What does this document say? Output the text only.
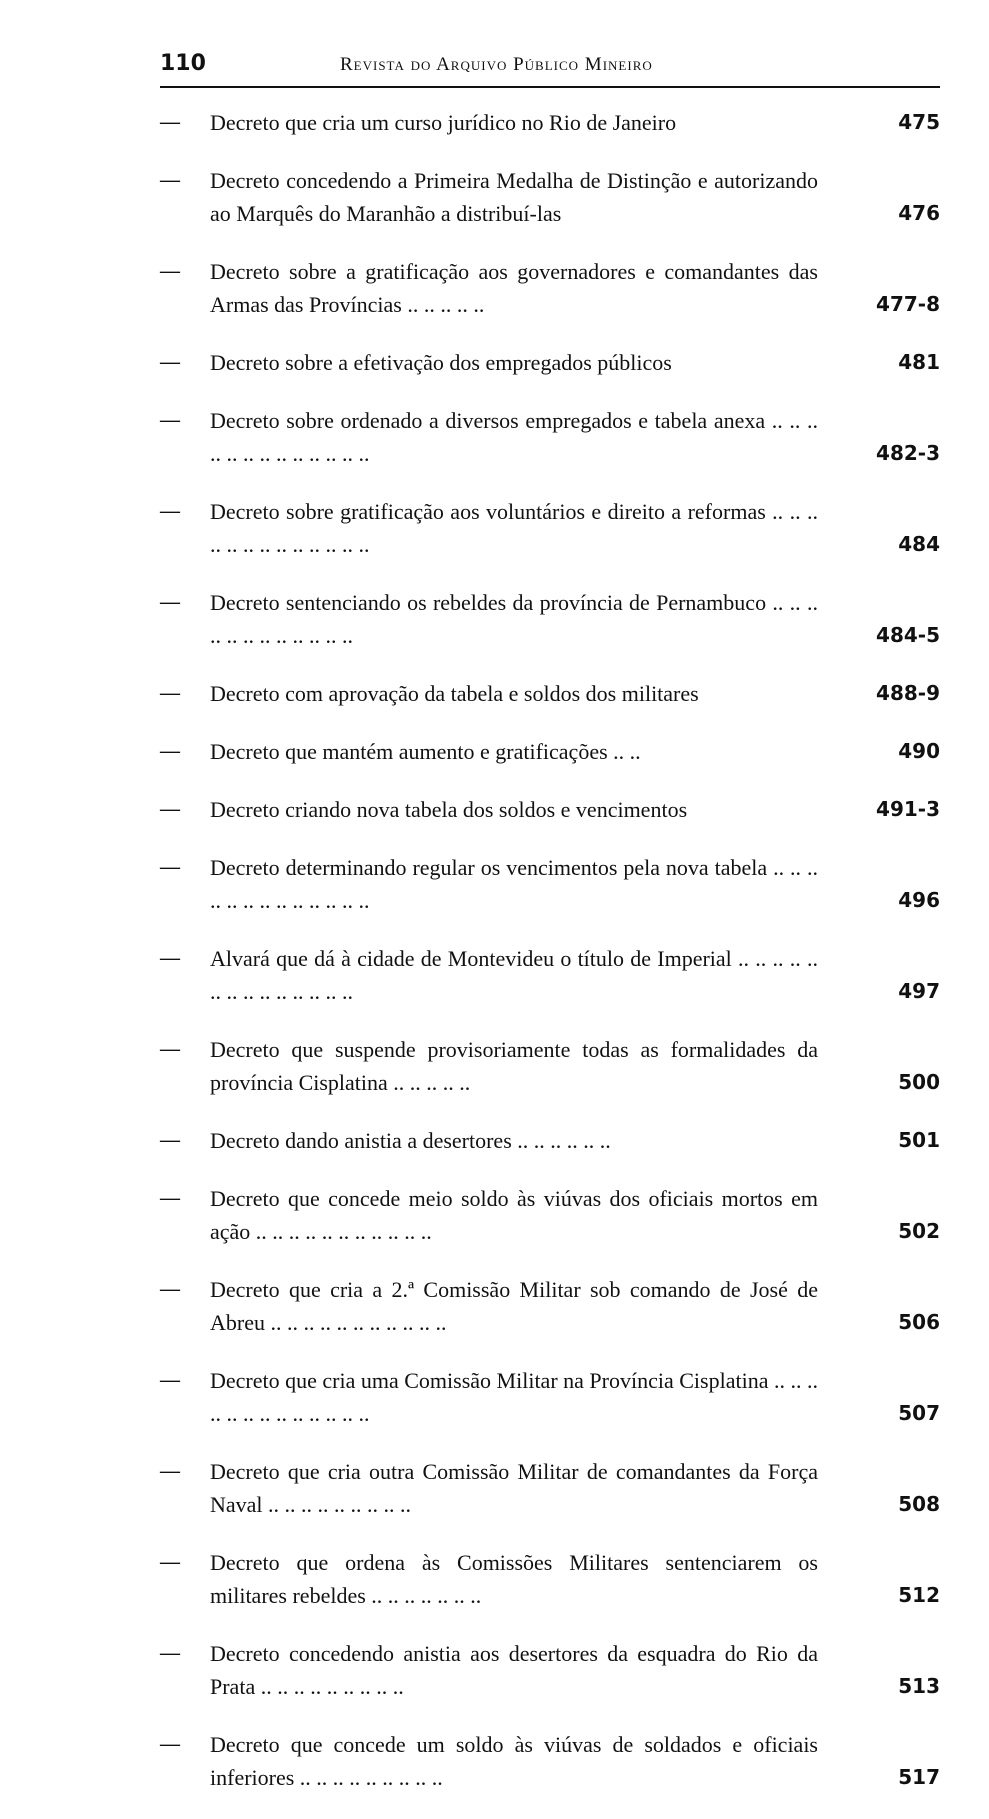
110	Revista do Arquivo Público Mineiro
—	Decreto que cria um curso jurídico no Rio de Janeiro	475
—	Decreto concedendo a Primeira Medalha de Distinção e autorizando ao Marquês do Maranhão a distribuí-las	476
—	Decreto sobre a gratificação aos governadores e comandantes das Armas das Províncias .. .. .. .. ..	477-8
—	Decreto sobre a efetivação dos empregados públicos	481
—	Decreto sobre ordenado a diversos empregados e tabela anexa .. .. .. .. .. .. .. .. .. .. .. .. ..	482-3
—	Decreto sobre gratificação aos voluntários e direito a reformas .. .. .. .. .. .. .. .. .. .. .. .. ..	484
—	Decreto sentenciando os rebeldes da província de Pernambuco .. .. .. .. .. .. .. .. .. .. .. ..	484-5
—	Decreto com aprovação da tabela e soldos dos militares	488-9
—	Decreto que mantém aumento e gratificações .. ..	490
—	Decreto criando nova tabela dos soldos e vencimentos	491-3
—	Decreto determinando regular os vencimentos pela nova tabela .. .. .. .. .. .. .. .. .. .. .. .. ..	496
—	Alvará que dá à cidade de Montevideu o título de Imperial .. .. .. .. .. .. .. .. .. .. .. .. .. ..	497
—	Decreto que suspende provisoriamente todas as formalidades da província Cisplatina .. .. .. .. ..	500
—	Decreto dando anistia a desertores .. .. .. .. .. ..	501
—	Decreto que concede meio soldo às viúvas dos oficiais mortos em ação .. .. .. .. .. .. .. .. .. .. ..	502
—	Decreto que cria a 2.ª Comissão Militar sob comando de José de Abreu .. .. .. .. .. .. .. .. .. .. ..	506
—	Decreto que cria uma Comissão Militar na Província Cisplatina .. .. .. .. .. .. .. .. .. .. .. .. ..	507
—	Decreto que cria outra Comissão Militar de comandantes da Força Naval .. .. .. .. .. .. .. .. ..	508
—	Decreto que ordena às Comissões Militares sentenciarem os militares rebeldes .. .. .. .. .. .. ..	512
—	Decreto concedendo anistia aos desertores da esquadra do Rio da Prata .. .. .. .. .. .. .. .. ..	513
—	Decreto que concede um soldo às viúvas de soldados e oficiais inferiores .. .. .. .. .. .. .. .. ..	517
